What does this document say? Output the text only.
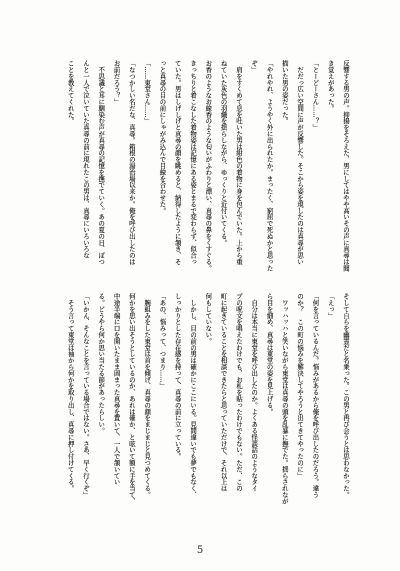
反響する男の声。抑揚をそろえた、男にしてはやや高いその声に真尋は聞
き覚えがあった。
「とーどーさん……？」
　だだっ広い空間に声が反響した。そこから姿を現したのは真尋が思い
描いた男の姿だった。
「やれやれ、ようやく外に出られたか。まったく、窮屈で死ぬかと思った
ぞ」
　肩をすくめて息を吐いた男は紺色の着物に身を包んでいた。上から重
ねていた灰色の羽織を揺らしながら、ゆっくりと近付いてくる。
お香のようなお線香のような匂いがふわりと漂い、真尋の鼻をくすぐる。
きっちりと着こなした着物姿は記憶にある姿とまるで変わらず、似合っ
ていた。男はしげしげと真尋の顔を眺めると、納得したように頷き、そ
っと真尋の目の前にしゃがみ込んで目線を合わせた。
「……東堂さん……」
「なつかしい名だな、真尋。箱根の湯治場以来か。俺を呼び出したのは
お前だろう？」
　不思議と耳に馴染む声が真尋の記憶を撫でていく。あの夏の日、ぽつ
んと一人で泣いていた真尋の前に現れたこの男は、真尋にいろいろな
ことを教えてくれた。
そして自らを幽霊だと名乗った。この男と再び会うとは思わなかった。
「えっ」
「何を言っているんだ。悩みがあるから俺を呼び出したのだろう。違う
のか？　この町の悩みを解決してやろうと出てきてやったのに」
　ワッハッハと笑いながら東堂は真尋の頭を乱暴に撫でた。揺らされなが
ら目を細め、真尋は東堂の姿を見上げる。
　自分は本当に東堂を呼び出したのか。よくある怪談話のようなタイ
プの呪文を唱えたわけでも、お札を貼ったわけでもない。ただ、この
町に起きていることを相談できたらと思っていただけで、それ以上は
何もしていない。
　しかし、目の前の男は確かにここにいる。見間違いでも夢でもなく、
しっかりとした存在感を持って、真尋の前に立っている。
「あの、悩みって、つまり……」
　腕組みをした東堂は首を傾げ、真尋の顔をまじまじと見つめてくる。
何かを思い出そうとしているのか、あれは確か、と呟いて額に手を当て、
中途半端に口を開いたまま固まった真尋を置いて、一人で頷いてい
る。どうやら何か思い当たる節があったらしい。
「いかん、そんなことを言っている場合ではない。さあ、早く行くぞ」
　そう言って東堂は袖から何かを取り出し、真尋に押し付けてくる。
5
